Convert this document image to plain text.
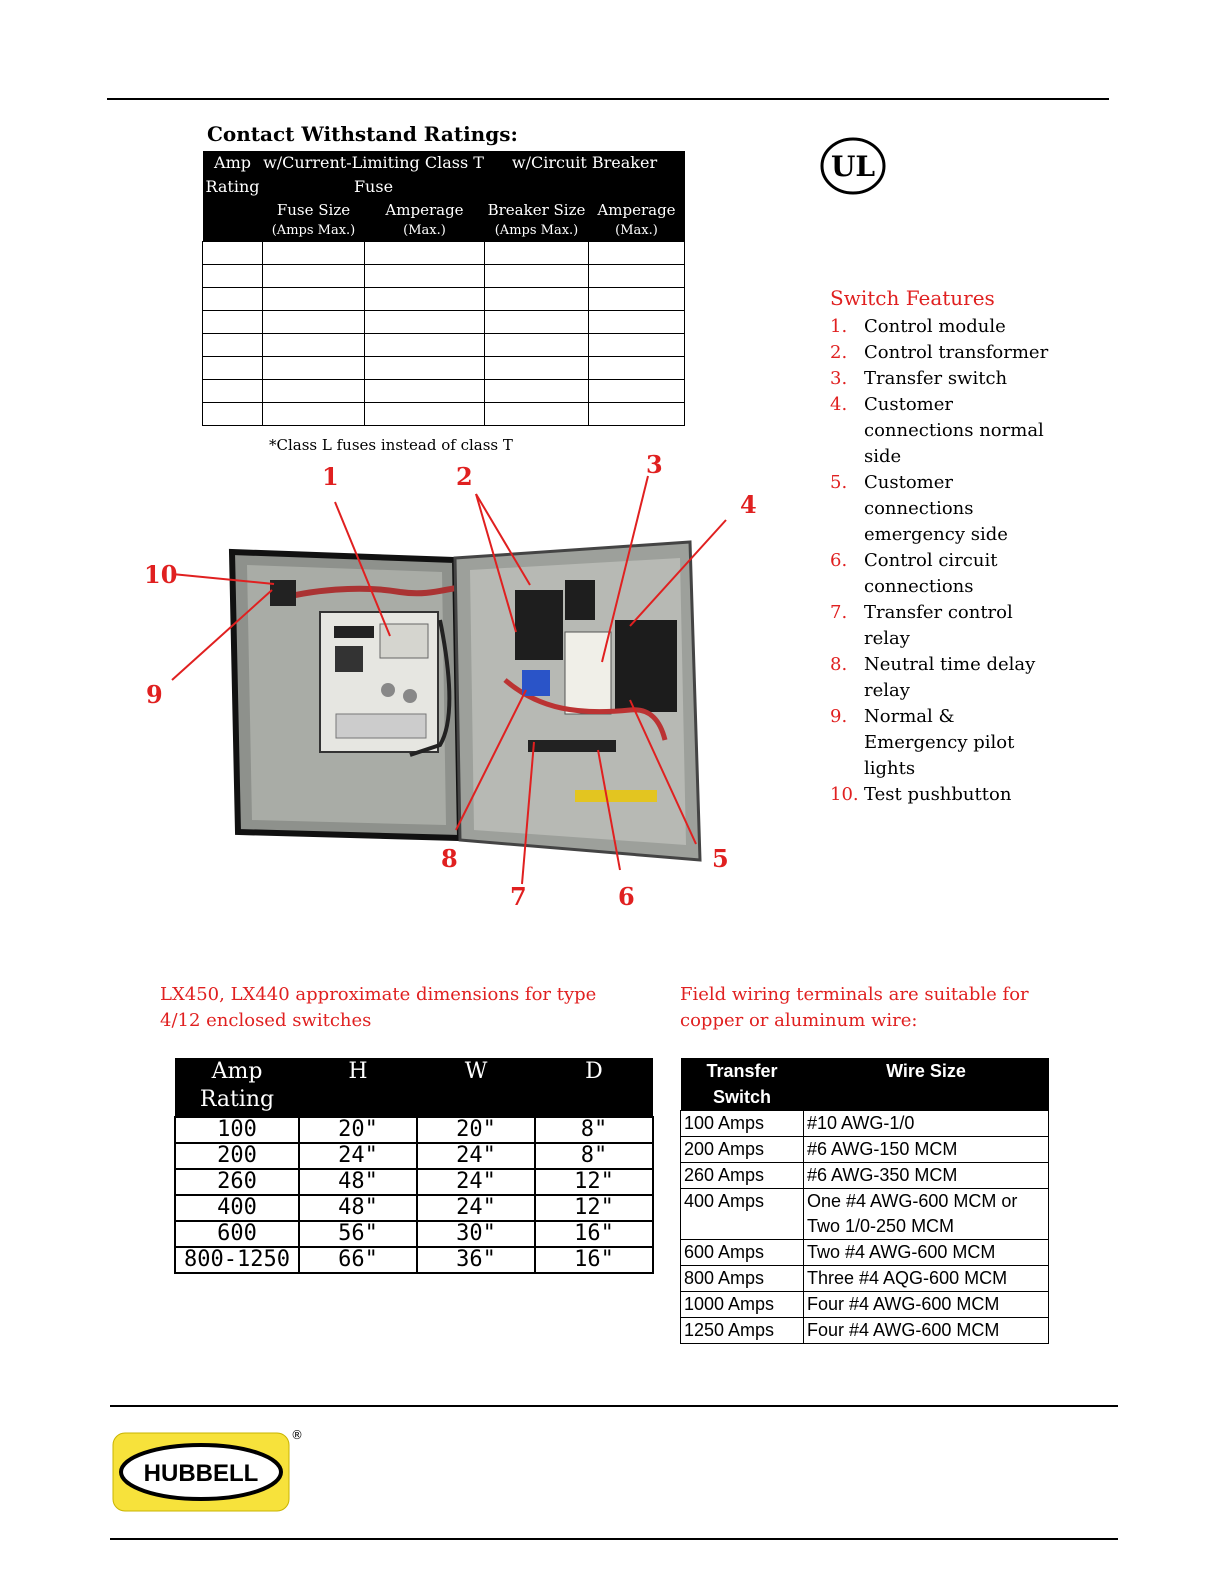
Contact Withstand Ratings:
Amp Rating	w/Current-Limiting Class T Fuse		w/Circuit Breaker	

	Fuse Size	Amperage	Breaker Size	Amperage
	(Amps Max.)	(Max.)	(Amps Max.)	(Max.)

*Class L fuses instead of class T
UL
Switch Features
1. Control module
2. Control transformer
3. Transfer switch
4. Customer connections normal side
5. Customer connections emergency side
6. Control circuit connections
7. Transfer control relay
8. Neutral time delay relay
9. Normal & Emergency pilot lights
10. Test pushbutton
1	2	3
4
5
6
7
8
9
10
LX450, LX440 approximate dimensions for type 4/12 enclosed switches
Amp Rating	H	W	D
100	20"	20"	8"
200	24"	24"	8"
260	48"	24"	12"
400	48"	24"	12"
600	56"	30"	16"
800-1250	66"	36"	16"
Field wiring terminals are suitable for copper or aluminum wire:
Transfer Switch	Wire Size
100 Amps	#10 AWG-1/0
200 Amps	#6 AWG-150 MCM
260 Amps	#6 AWG-350 MCM
400 Amps	One #4 AWG-600 MCM or Two 1/0-250 MCM
600 Amps	Two #4 AWG-600 MCM
800 Amps	Three #4 AQG-600 MCM
1000 Amps	Four #4 AWG-600 MCM
1250 Amps	Four #4 AWG-600 MCM
HUBBELL
®
